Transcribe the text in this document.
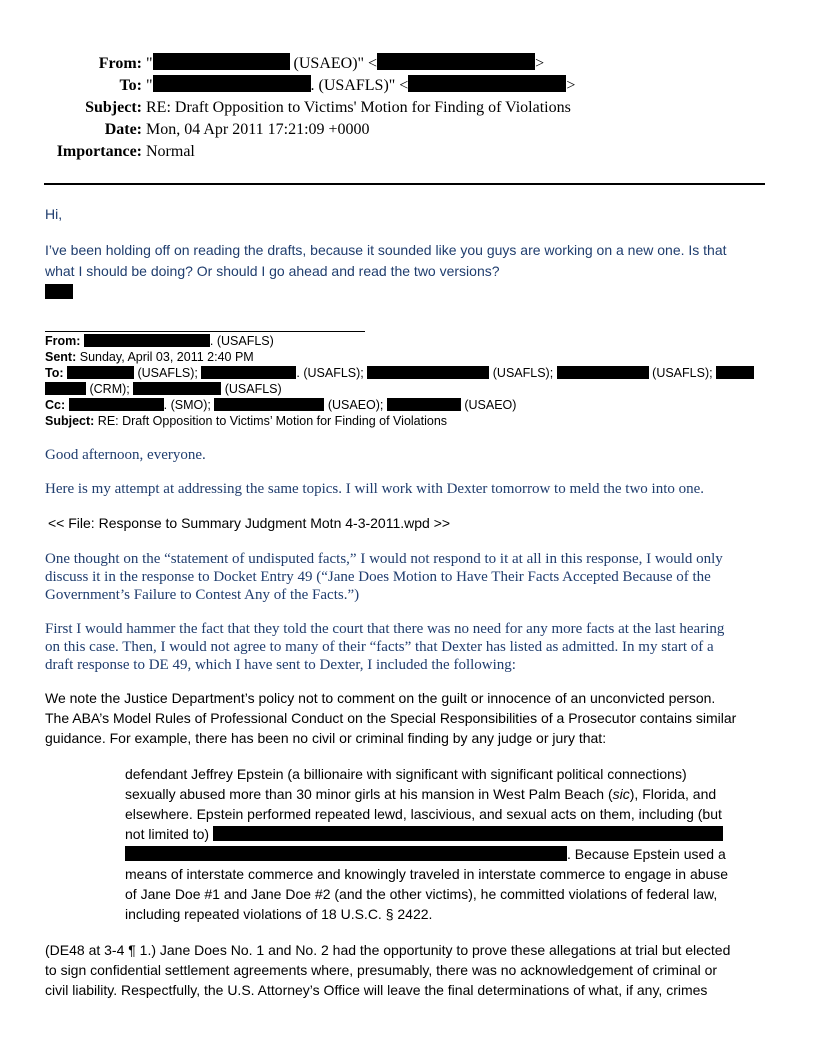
From: "	(USAEO)" <	>
To: "	. (USAFLS)" <	>
Subject: RE: Draft Opposition to Victims' Motion for Finding of Violations
Date: Mon, 04 Apr 2011 17:21:09 +0000
Importance: Normal
Hi,
I’ve been holding off on reading the drafts, because it sounded like you guys are working on a new one. Is that
what I should be doing? Or should I go ahead and read the two versions?
From:	. (USAFLS)
Sent: Sunday, April 03, 2011 2:40 PM
To:	(USAFLS);	. (USAFLS);	(USAFLS);	(USAFLS);
(CRM);	(USAFLS)
Cc:	. (SMO);	(USAEO);	(USAEO)
Subject: RE: Draft Opposition to Victims’ Motion for Finding of Violations
Good afternoon, everyone.
Here is my attempt at addressing the same topics. I will work with Dexter tomorrow to meld the two into one.
<< File: Response to Summary Judgment Motn 4-3-2011.wpd >>
One thought on the “statement of undisputed facts,” I would not respond to it at all in this response, I would only
discuss it in the response to Docket Entry 49 (“Jane Does Motion to Have Their Facts Accepted Because of the
Government’s Failure to Contest Any of the Facts.”)
First I would hammer the fact that they told the court that there was no need for any more facts at the last hearing
on this case. Then, I would not agree to many of their “facts” that Dexter has listed as admitted. In my start of a
draft response to DE 49, which I have sent to Dexter, I included the following:
We note the Justice Department’s policy not to comment on the guilt or innocence of an unconvicted person.
The ABA’s Model Rules of Professional Conduct on the Special Responsibilities of a Prosecutor contains similar
guidance. For example, there has been no civil or criminal finding by any judge or jury that:
defendant Jeffrey Epstein (a billionaire with significant with significant political connections)
sexually abused more than 30 minor girls at his mansion in West Palm Beach (sic), Florida, and
elsewhere. Epstein performed repeated lewd, lascivious, and sexual acts on them, including (but
not limited to)
. Because Epstein used a
means of interstate commerce and knowingly traveled in interstate commerce to engage in abuse
of Jane Doe #1 and Jane Doe #2 (and the other victims), he committed violations of federal law,
including repeated violations of 18 U.S.C. § 2422.
(DE48 at 3-4 ¶ 1.) Jane Does No. 1 and No. 2 had the opportunity to prove these allegations at trial but elected
to sign confidential settlement agreements where, presumably, there was no acknowledgement of criminal or
civil liability. Respectfully, the U.S. Attorney’s Office will leave the final determinations of what, if any, crimes
